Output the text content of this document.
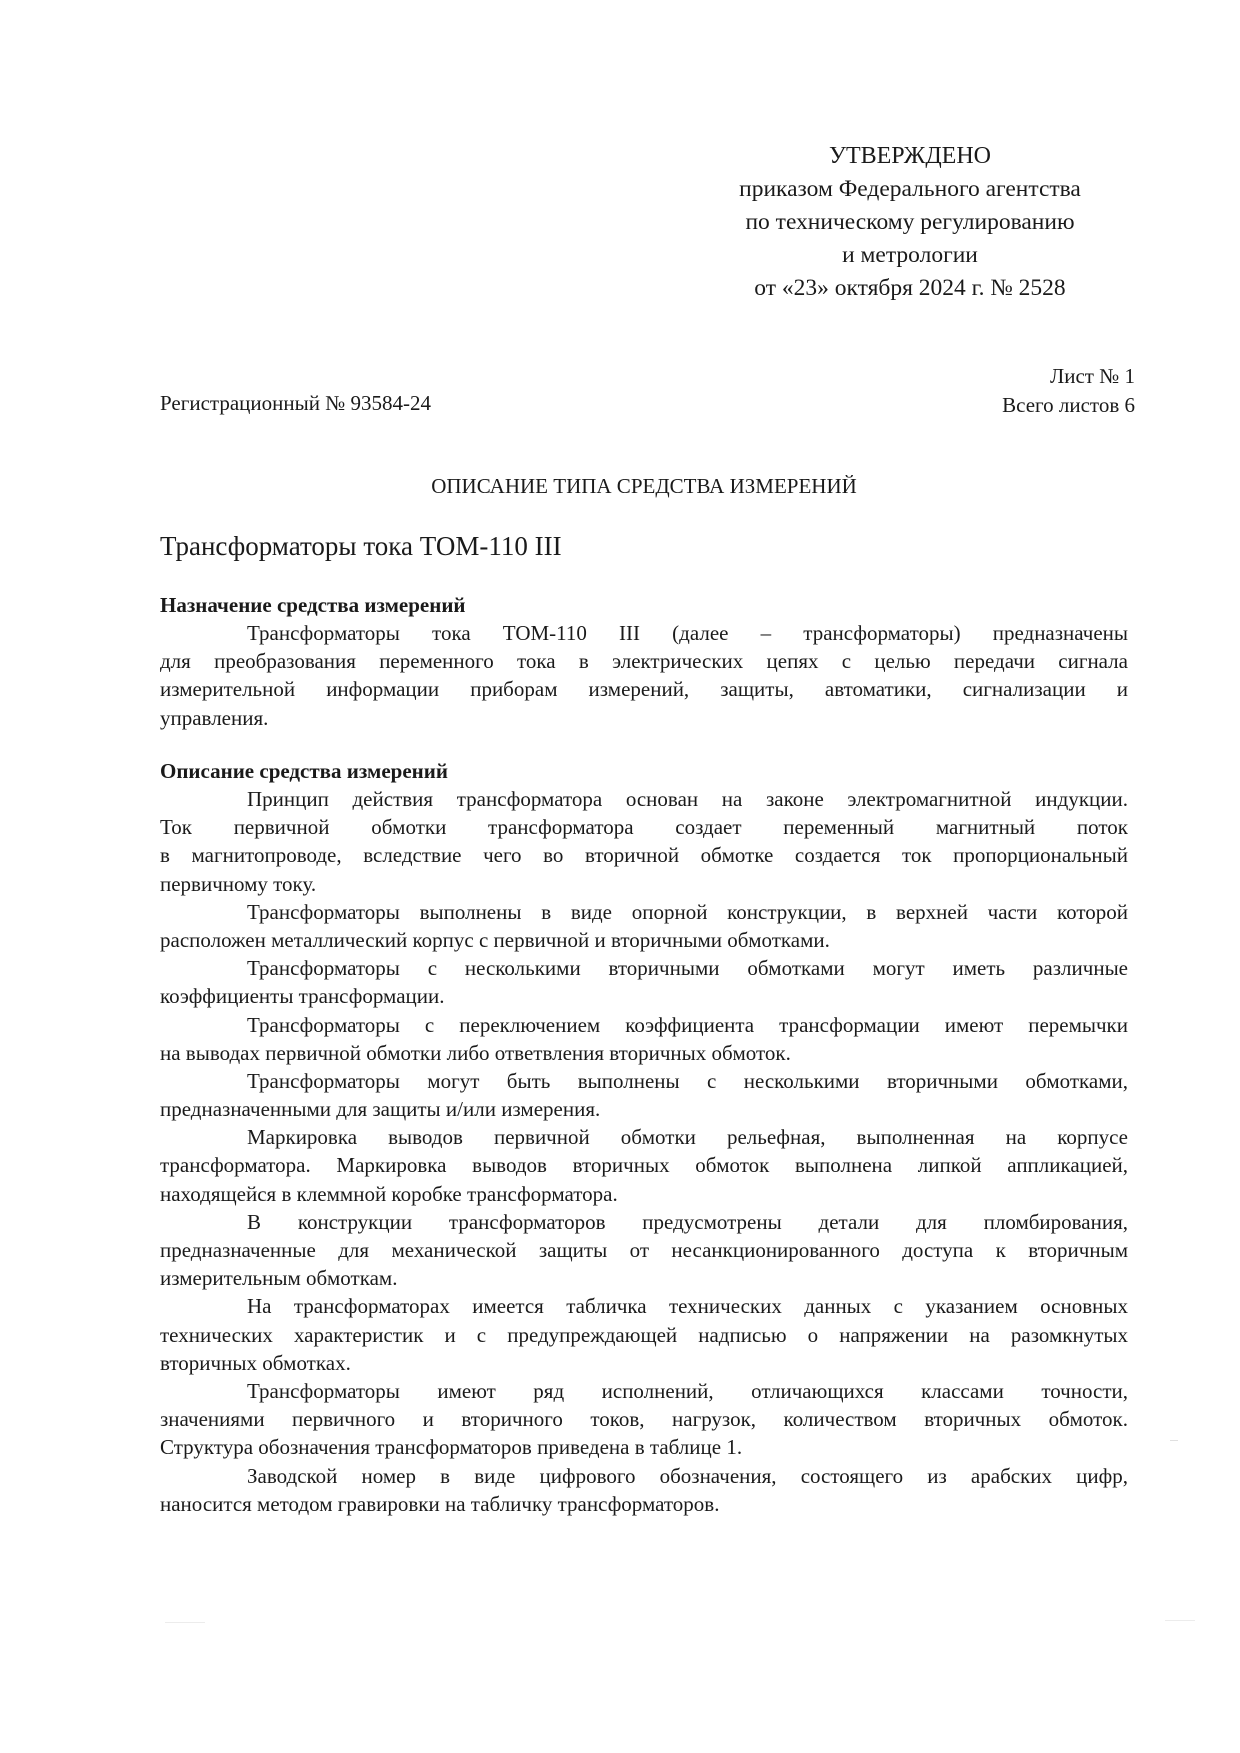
УТВЕРЖДЕНО
приказом Федерального агентства
по техническому регулированию
и метрологии
от «23» октября 2024 г. № 2528
Лист № 1
Всего листов 6
Регистрационный № 93584-24
ОПИСАНИЕ ТИПА СРЕДСТВА ИЗМЕРЕНИЙ
Трансформаторы тока ТОМ-110 III
Назначение средства измерений
Трансформаторы тока ТОМ-110 III (далее – трансформаторы) предназначены
для преобразования переменного тока в электрических цепях с целью передачи сигнала
измерительной информации приборам измерений, защиты, автоматики, сигнализации и
управления.
Описание средства измерений
Принцип действия трансформатора основан на законе электромагнитной индукции.
Ток первичной обмотки трансформатора создает переменный магнитный поток
в магнитопроводе, вследствие чего во вторичной обмотке создается ток пропорциональный
первичному току.
Трансформаторы выполнены в виде опорной конструкции, в верхней части которой
расположен металлический корпус с первичной и вторичными обмотками.
Трансформаторы с несколькими вторичными обмотками могут иметь различные
коэффициенты трансформации.
Трансформаторы с переключением коэффициента трансформации имеют перемычки
на выводах первичной обмотки либо ответвления вторичных обмоток.
Трансформаторы могут быть выполнены с несколькими вторичными обмотками,
предназначенными для защиты и/или измерения.
Маркировка выводов первичной обмотки рельефная, выполненная на корпусе
трансформатора. Маркировка выводов вторичных обмоток выполнена липкой аппликацией,
находящейся в клеммной коробке трансформатора.
В конструкции трансформаторов предусмотрены детали для пломбирования,
предназначенные для механической защиты от несанкционированного доступа к вторичным
измерительным обмоткам.
На трансформаторах имеется табличка технических данных с указанием основных
технических характеристик и с предупреждающей надписью о напряжении на разомкнутых
вторичных обмотках.
Трансформаторы имеют ряд исполнений, отличающихся классами точности,
значениями первичного и вторичного токов, нагрузок, количеством вторичных обмоток.
Структура обозначения трансформаторов приведена в таблице 1.
Заводской номер в виде цифрового обозначения, состоящего из арабских цифр,
наносится методом гравировки на табличку трансформаторов.
